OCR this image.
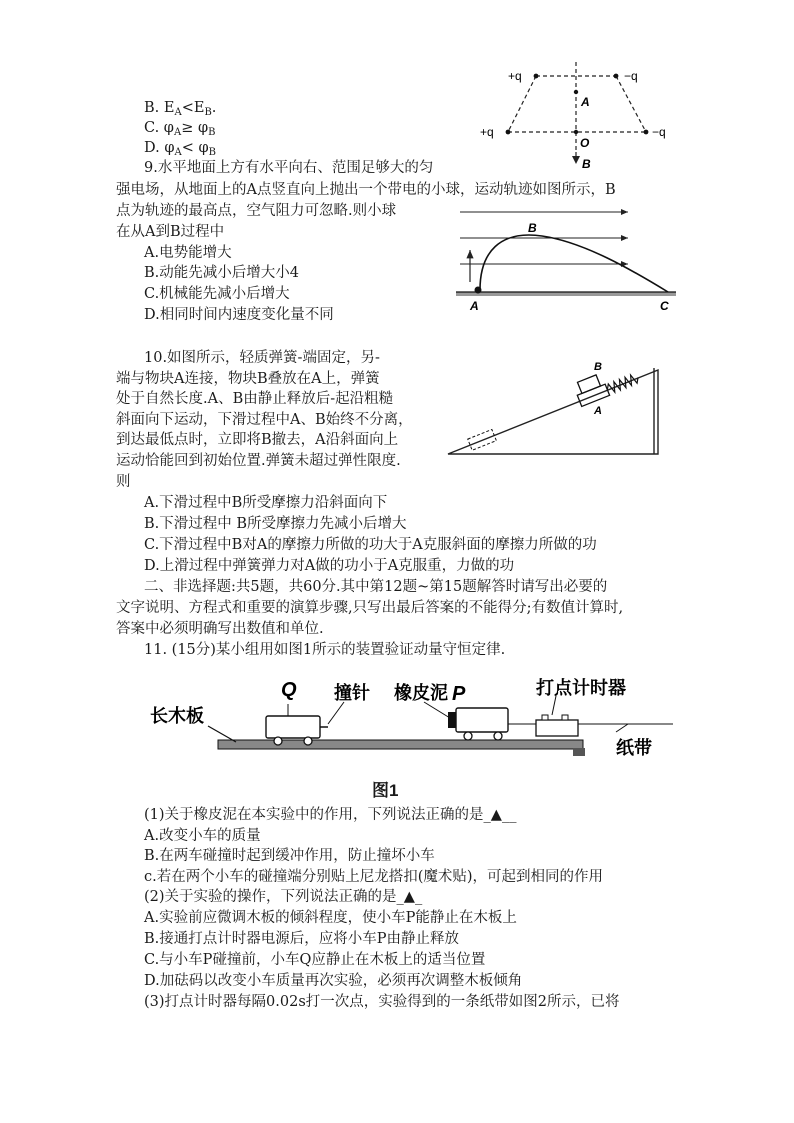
B. $E_A<E_B$.
C. $\varphi_A\ge \varphi_B$
D. $\varphi_A< \varphi_B$
+q	−q
+q	−q
A
O
B
9.水平地面上方有水平向右、范围足够大的匀
强电场，从地面上的A点竖直向上抛出一个带电的小球，运动轨迹如图所示，B
点为轨迹的最高点，空气阻力可忽略.则小球
在从A到B过程中
A.电势能增大
B.动能先减小后增大小4
C.机械能先减小后增大
D.相同时间内速度变化量不同
A
B
C
10.如图所示，轻质弹簧-端固定，另-
端与物块A连接，物块B叠放在A上，弹簧
处于自然长度.A、B由静止释放后-起沿粗糙
斜面向下运动，下滑过程中A、B始终不分离，
到达最低点时，立即将B撤去，A沿斜面向上
运动恰能回到初始位置.弹簧未超过弹性限度.
则
A.下滑过程中B所受摩擦力沿斜面向下
B.下滑过程中 B所受摩擦力先减小后增大
C.下滑过程中B对A的摩擦力所做的功大于A克服斜面的摩擦力所做的功
D.上滑过程中弹簧弹力对A做的功小于A克服重，力做的功
B
A
二、非选择题:共5题，共60分.其中第12题~第15题解答时请写出必要的
文字说明、方程式和重要的演算步骤,只写出最后答案的不能得分;有数值计算时,
答案中必须明确写出数值和单位.
11. (15分)某小组用如图1所示的装置验证动量守恒定律.
长木板
Q 撞针 橡皮泥 P	打点计时器
纸带
图1
(1)关于橡皮泥在本实验中的作用，下列说法正确的是_▲__
A.改变小车的质量
B.在两车碰撞时起到缓冲作用，防止撞坏小车
c.若在两个小车的碰撞端分别贴上尼龙搭扣(魔术贴)，可起到相同的作用
(2)关于实验的操作，下列说法正确的是_▲_
A.实验前应微调木板的倾斜程度，使小车P能静止在木板上
B.接通打点计时器电源后，应将小车P由静止释放
C.与小车P碰撞前，小车Q应静止在木板上的适当位置
D.加砝码以改变小车质量再次实验，必须再次调整木板倾角
(3)打点计时器每隔0.02s打一次点，实验得到的一条纸带如图2所示，已将
